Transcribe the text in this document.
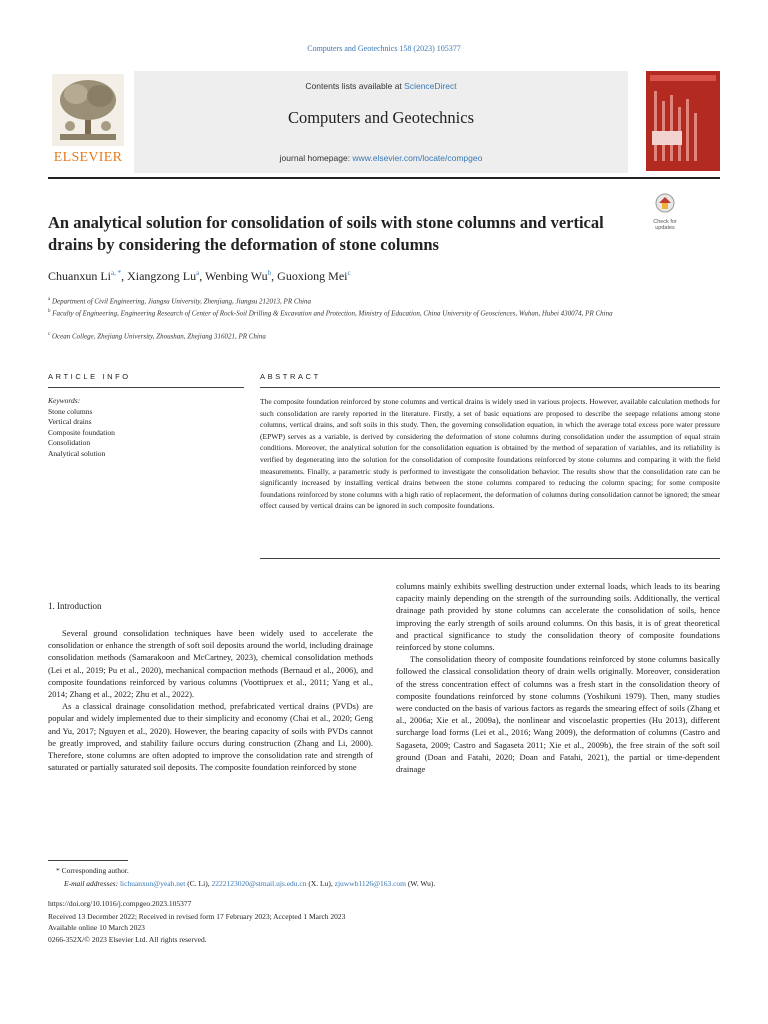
Computers and Geotechnics 158 (2023) 105377
ELSEVIER
Contents lists available at ScienceDirect
Computers and Geotechnics
journal homepage: www.elsevier.com/locate/compgeo
An analytical solution for consolidation of soils with stone columns and vertical drains by considering the deformation of stone columns
Check for updates
Chuanxun $Li^{a, *}$, Xiangzong Lu$^a$, Wenbing Wu$^b$, Guoxiong Mei$^c$
$^a$ Department of Civil Engineering, Jiangsu University, Zhenjiang, Jiangsu 212013, PR China
$^b$ Faculty of Engineering, Engineering Research of Center of Rock-Soil Drilling & Excavation and Protection, Ministry of Education, China University of Geosciences, Wuhan, Hubei 430074, PR China
$^c$ Ocean College, Zhejiang University, Zhoushan, Zhejiang 316021, PR China
ARTICLE INFO	ABSTRACT
Keywords:
Stone columns
Vertical drains
Composite foundation
Consolidation
Analytical solution
The composite foundation reinforced by stone columns and vertical drains is widely used in various projects. However, available calculation methods for such consolidation are rarely reported in the literature. Firstly, a set of basic equations are proposed to describe the seepage relations among stone columns, vertical drains, and soft soils in this study. Then, the governing consolidation equation, in which the average total excess pore water pressure (EPWP) serves as a variable, is derived by considering the deformation of stone columns during consolidation under the assumption of equal strain conditions. Moreover, the analytical solution for the consolidation equation is obtained by the method of separation of variables, and its reliability is verified by degenerating into the solution for the consolidation of composite foundations reinforced by stone columns and comparing it with the field measurements. Finally, a parametric study is performed to investigate the consolidation behavior. The results show that the consolidation rate can be significantly increased by installing vertical drains between the stone columns compared to reducing the column spacing; for some composite foundations reinforced by stone columns with a high ratio of replacement, the deformation of columns during consolidation cannot be ignored; the smear effect caused by vertical drains can be ignored in such composite foundations.
1. Introduction

Several ground consolidation techniques have been widely used to accelerate the consolidation or enhance the strength of soft soil deposits around the world, including drainage consolidation methods (Samarakoon and McCartney, 2023), chemical consolidation methods (Lei et al., 2019; Pu et al., 2020), mechanical compaction methods (Bernaud et al., 2006), and composite foundations reinforced by various columns (Voottipruex et al., 2011; Yang et al., 2014; Zhang et al., 2022; Zhu et al., 2022).

As a classical drainage consolidation method, prefabricated vertical drains (PVDs) are popular and widely implemented due to their simplicity and economy (Chai et al., 2020; Geng and Yu, 2017; Nguyen et al., 2020). However, the bearing capacity of soils with PVDs cannot be greatly improved, and stability failure occurs during construction (Zhang and Li, 2000). Therefore, stone columns are often adopted to improve the consolidation rate and strength of saturated or partially saturated soil deposits. The composite foundation reinforced by stone

columns mainly exhibits swelling destruction under external loads, which leads to its bearing capacity mainly depending on the strength of the surrounding soils. Additionally, the vertical drainage path provided by stone columns can accelerate the consolidation of soils, hence improving the early strength of soils around columns. On this basis, it is of great theoretical and practical significance to study the consolidation theory of composite foundations reinforced by stone columns.

The consolidation theory of composite foundations reinforced by stone columns basically followed the classical consolidation theory of drain wells originally. Moreover, consideration of the stress concentration effect of columns was a fresh start in the consolidation theory of composite foundations reinforced by stone columns (Yoshikuni 1979). Then, many studies were conducted on the basis of various factors as regards the smearing effect of soils (Zhang et al., 2006a; Xie et al., 2009a), the nonlinear and viscoelastic properties (Hu 2013), different surcharge load forms (Lei et al., 2016; Wang 2009), the deformation of columns (Castro and Sagaseta, 2009; Castro and Sagaseta 2011; Xie et al., 2009b), the free strain of the soft soil ground (Doan and Fatahi, 2020; Doan and Fatahi, 2021), the partial or time-dependent drainage

* Corresponding author.
E-mail addresses: lichuanxun@yeah.net (C. Li), 2222123020@stmail.ujs.edu.cn (X. Lu), zjuwwb1126@163.com (W. Wu).
https://doi.org/10.1016/j.compgeo.2023.105377
Received 13 December 2022; Received in revised form 17 February 2023; Accepted 1 March 2023
Available online 10 March 2023
0266-352X/© 2023 Elsevier Ltd. All rights reserved.
